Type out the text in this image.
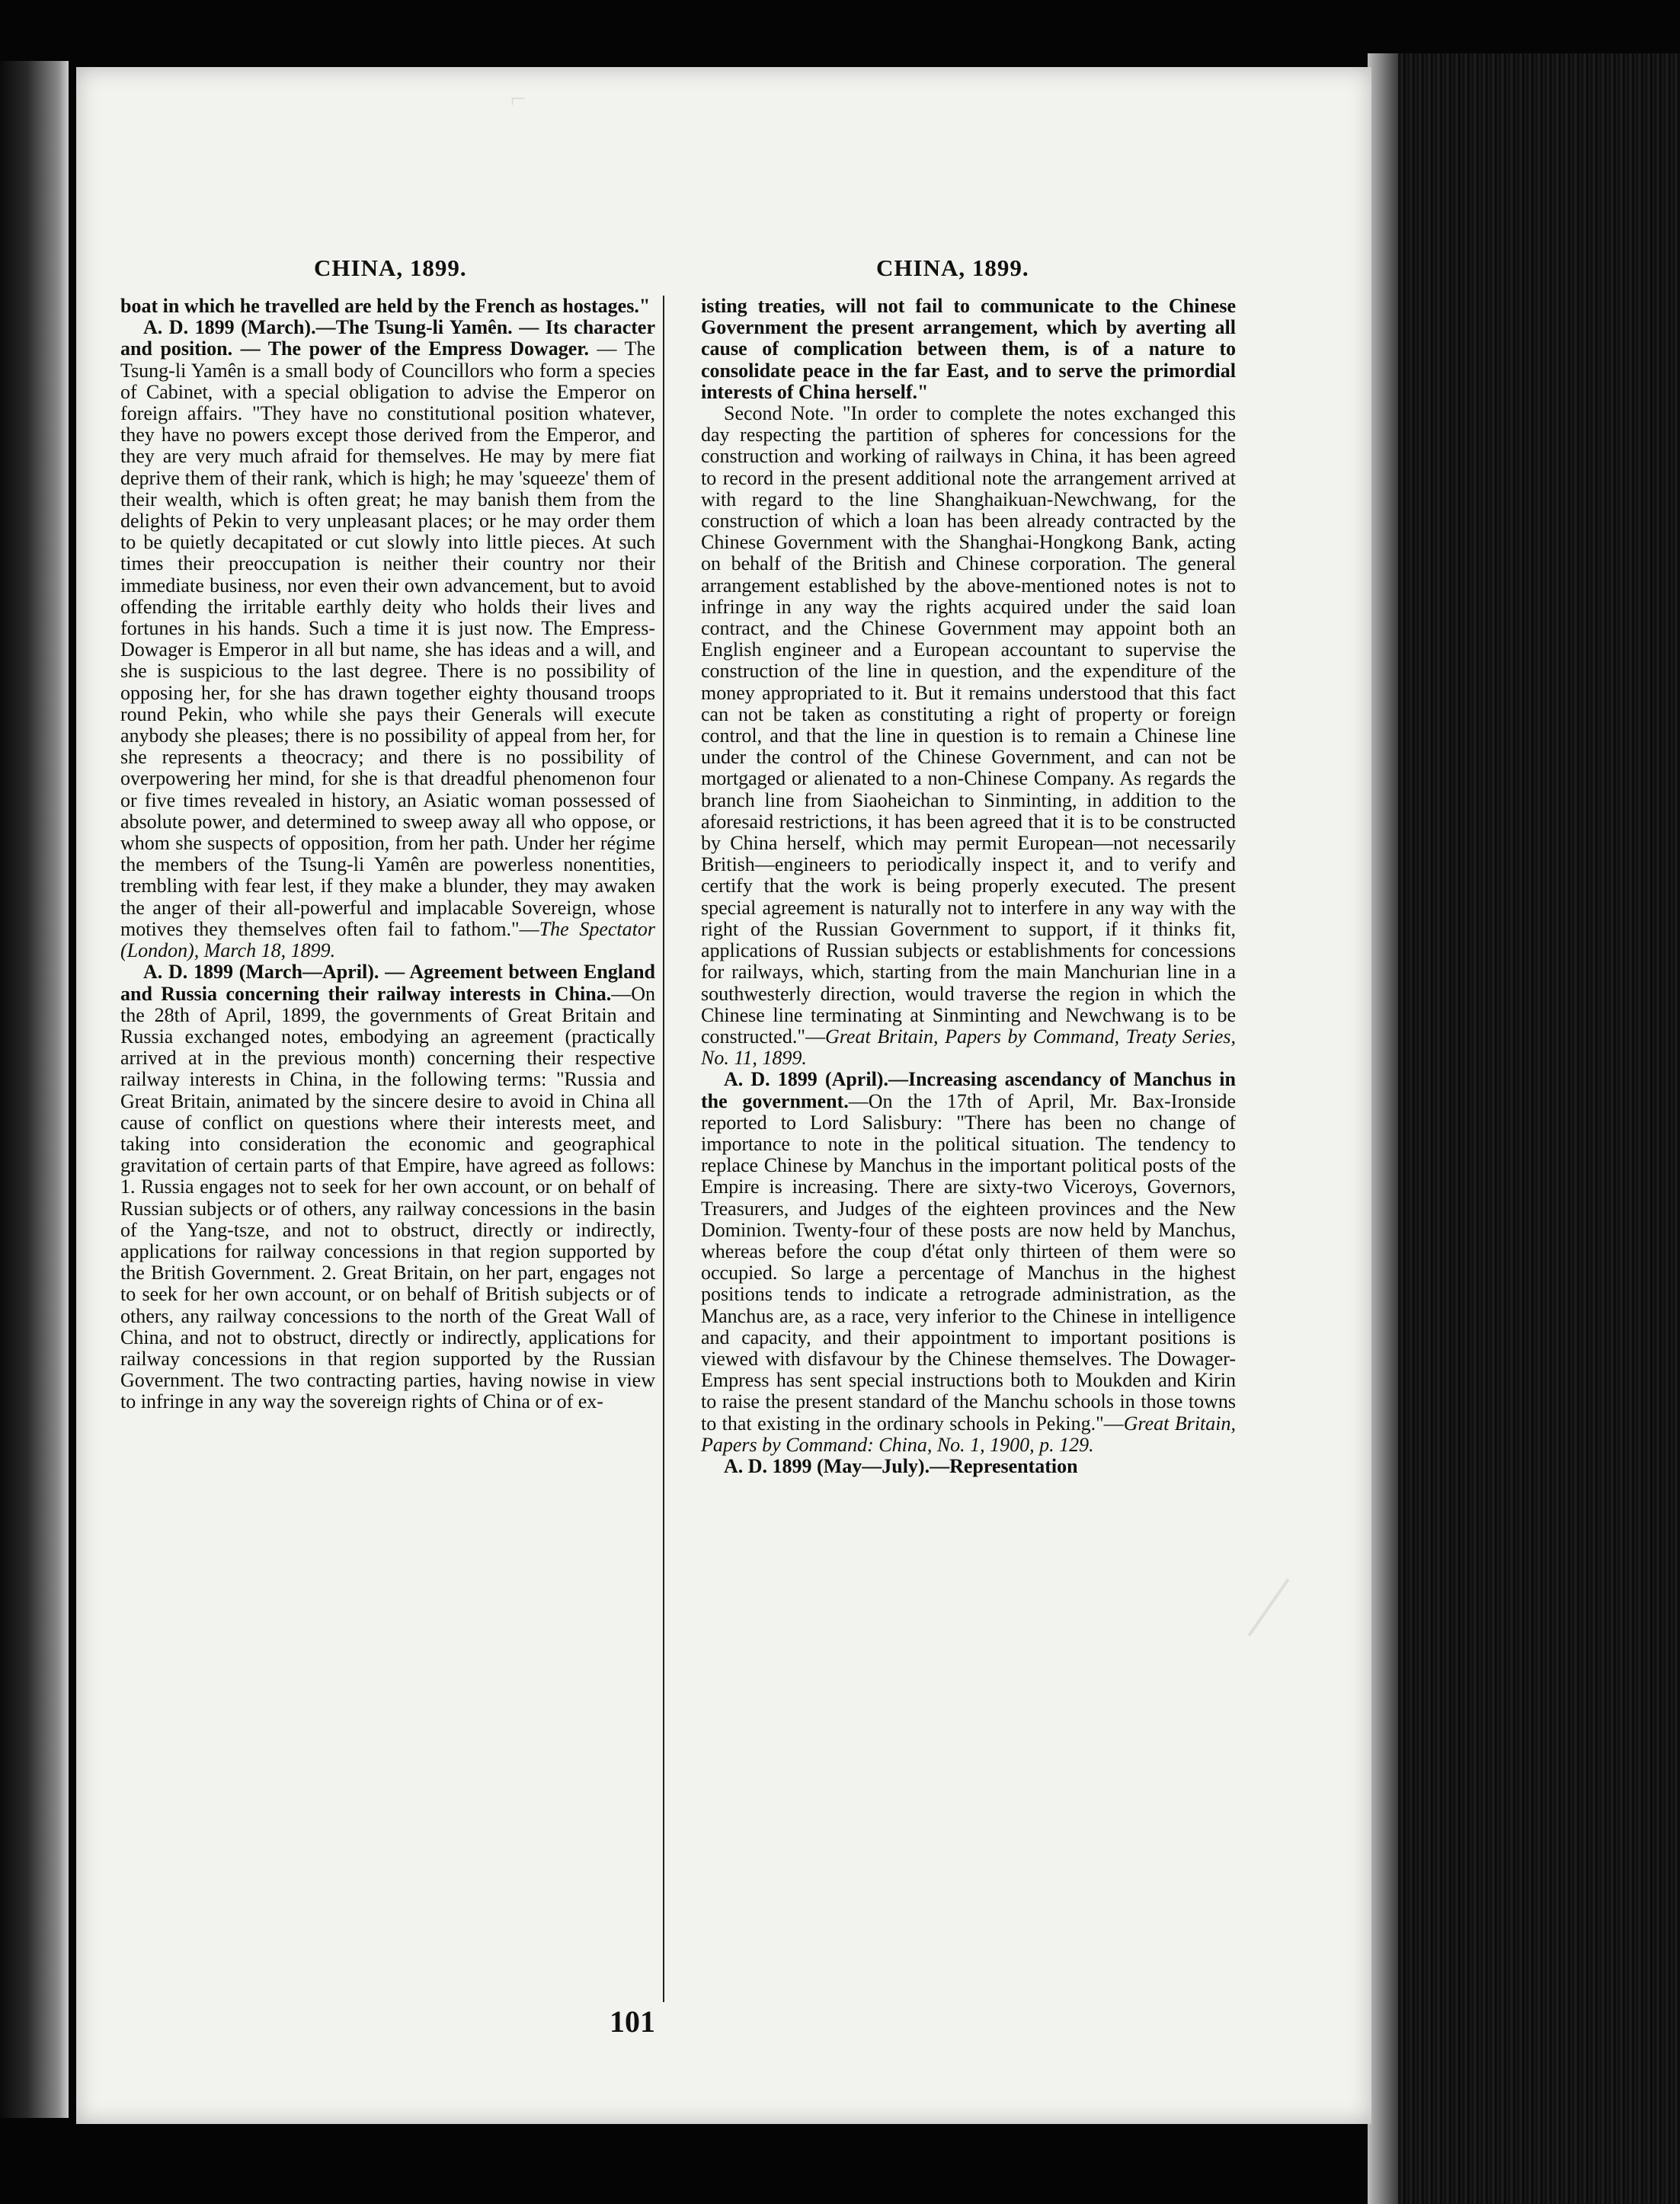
⌐
CHINA, 1899.	CHINA, 1899.

boat in which he travelled are held by the French as hostages."

A. D. 1899 (March).—The Tsung-li Yamên. — Its character and position. — The power of the Empress Dowager. — The Tsung-li Yamên is a small body of Councillors who form a species of Cabinet, with a special obligation to advise the Emperor on foreign affairs. "They have no constitutional position whatever, they have no powers except those derived from the Emperor, and they are very much afraid for themselves. He may by mere fiat deprive them of their rank, which is high; he may 'squeeze' them of their wealth, which is often great; he may banish them from the delights of Pekin to very unpleasant places; or he may order them to be quietly decapitated or cut slowly into little pieces. At such times their preoccupation is neither their country nor their immediate business, nor even their own advancement, but to avoid offending the irritable earthly deity who holds their lives and fortunes in his hands. Such a time it is just now. The Empress-Dowager is Emperor in all but name, she has ideas and a will, and she is suspicious to the last degree. There is no possibility of opposing her, for she has drawn together eighty thousand troops round Pekin, who while she pays their Generals will execute anybody she pleases; there is no possibility of appeal from her, for she represents a theocracy; and there is no possibility of overpowering her mind, for she is that dreadful phenomenon four or five times revealed in history, an Asiatic woman possessed of absolute power, and determined to sweep away all who oppose, or whom she suspects of opposition, from her path. Under her régime the members of the Tsung-li Yamên are powerless nonentities, trembling with fear lest, if they make a blunder, they may awaken the anger of their all-powerful and implacable Sovereign, whose motives they themselves often fail to fathom."—The Spectator (London), March 18, 1899.

A. D. 1899 (March—April). — Agreement between England and Russia concerning their railway interests in China.—On the 28th of April, 1899, the governments of Great Britain and Russia exchanged notes, embodying an agreement (practically arrived at in the previous month) concerning their respective railway interests in China, in the following terms: "Russia and Great Britain, animated by the sincere desire to avoid in China all cause of conflict on questions where their interests meet, and taking into consideration the economic and geographical gravitation of certain parts of that Empire, have agreed as follows: 1. Russia engages not to seek for her own account, or on behalf of Russian subjects or of others, any railway concessions in the basin of the Yang-tsze, and not to obstruct, directly or indirectly, applications for railway concessions in that region supported by the British Government. 2. Great Britain, on her part, engages not to seek for her own account, or on behalf of British subjects or of others, any railway concessions to the north of the Great Wall of China, and not to obstruct, directly or indirectly, applications for railway concessions in that region supported by the Russian Government. The two contracting parties, having nowise in view to infringe in any way the sovereign rights of China or of ex-

isting treaties, will not fail to communicate to the Chinese Government the present arrangement, which by averting all cause of complication between them, is of a nature to consolidate peace in the far East, and to serve the primordial interests of China herself."

Second Note. "In order to complete the notes exchanged this day respecting the partition of spheres for concessions for the construction and working of railways in China, it has been agreed to record in the present additional note the arrangement arrived at with regard to the line Shanghaikuan-Newchwang, for the construction of which a loan has been already contracted by the Chinese Government with the Shanghai-Hongkong Bank, acting on behalf of the British and Chinese corporation. The general arrangement established by the above-mentioned notes is not to infringe in any way the rights acquired under the said loan contract, and the Chinese Government may appoint both an English engineer and a European accountant to supervise the construction of the line in question, and the expenditure of the money appropriated to it. But it remains understood that this fact can not be taken as constituting a right of property or foreign control, and that the line in question is to remain a Chinese line under the control of the Chinese Government, and can not be mortgaged or alienated to a non-Chinese Company. As regards the branch line from Siaoheichan to Sinminting, in addition to the aforesaid restrictions, it has been agreed that it is to be constructed by China herself, which may permit European—not necessarily British—engineers to periodically inspect it, and to verify and certify that the work is being properly executed. The present special agreement is naturally not to interfere in any way with the right of the Russian Government to support, if it thinks fit, applications of Russian subjects or establishments for concessions for railways, which, starting from the main Manchurian line in a southwesterly direction, would traverse the region in which the Chinese line terminating at Sinminting and Newchwang is to be constructed."—Great Britain, Papers by Command, Treaty Series, No. 11, 1899.

A. D. 1899 (April).—Increasing ascendancy of Manchus in the government.—On the 17th of April, Mr. Bax-Ironside reported to Lord Salisbury: "There has been no change of importance to note in the political situation. The tendency to replace Chinese by Manchus in the important political posts of the Empire is increasing. There are sixty-two Viceroys, Governors, Treasurers, and Judges of the eighteen provinces and the New Dominion. Twenty-four of these posts are now held by Manchus, whereas before the coup d'état only thirteen of them were so occupied. So large a percentage of Manchus in the highest positions tends to indicate a retrograde administration, as the Manchus are, as a race, very inferior to the Chinese in intelligence and capacity, and their appointment to important positions is viewed with disfavour by the Chinese themselves. The Dowager-Empress has sent special instructions both to Moukden and Kirin to raise the present standard of the Manchu schools in those towns to that existing in the ordinary schools in Peking."—Great Britain, Papers by Command: China, No. 1, 1900, p. 129.

A. D. 1899 (May—July).—Representation

101
